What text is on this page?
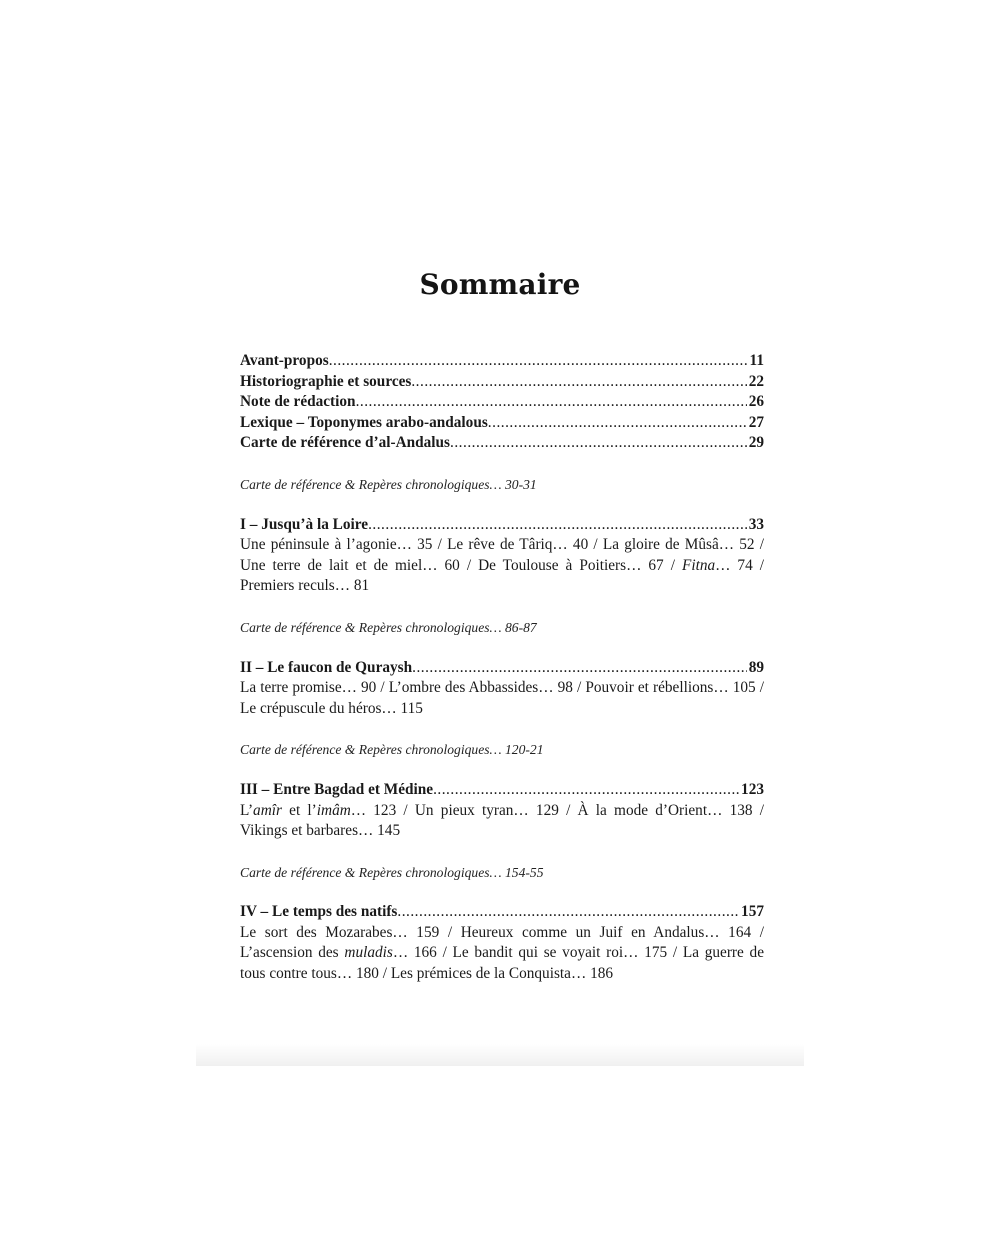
Sommaire
Avant-propos .....	11
Historiographie et sources .....	22
Note de rédaction .....	26
Lexique – Toponymes arabo-andalous .....	27
Carte de référence d’al-Andalus .....	29
Carte de référence & Repères chronologiques… 30-31
I – Jusqu’à la Loire .....	33

Une péninsule à l’agonie… 35 / Le rêve de Târiq… 40 / La gloire de Mûsâ… 52 / Une terre de lait et de miel… 60 / De Toulouse à Poitiers… 67 / Fitna… 74 / Premiers reculs… 81

Carte de référence & Repères chronologiques… 86-87
II – Le faucon de Quraysh .....	89

La terre promise… 90 / L’ombre des Abbassides… 98 / Pouvoir et rébellions… 105 / Le crépuscule du héros… 115

Carte de référence & Repères chronologiques… 120-21
III – Entre Bagdad et Médine .....	123

L’amîr et l’imâm… 123 / Un pieux tyran… 129 / À la mode d’Orient… 138 / Vikings et barbares… 145

Carte de référence & Repères chronologiques… 154-55
IV – Le temps des natifs .....	157

Le sort des Mozarabes… 159 / Heureux comme un Juif en Andalus… 164 / L’ascension des muladis… 166 / Le bandit qui se voyait roi… 175 / La guerre de tous contre tous… 180 / Les prémices de la Conquista… 186
